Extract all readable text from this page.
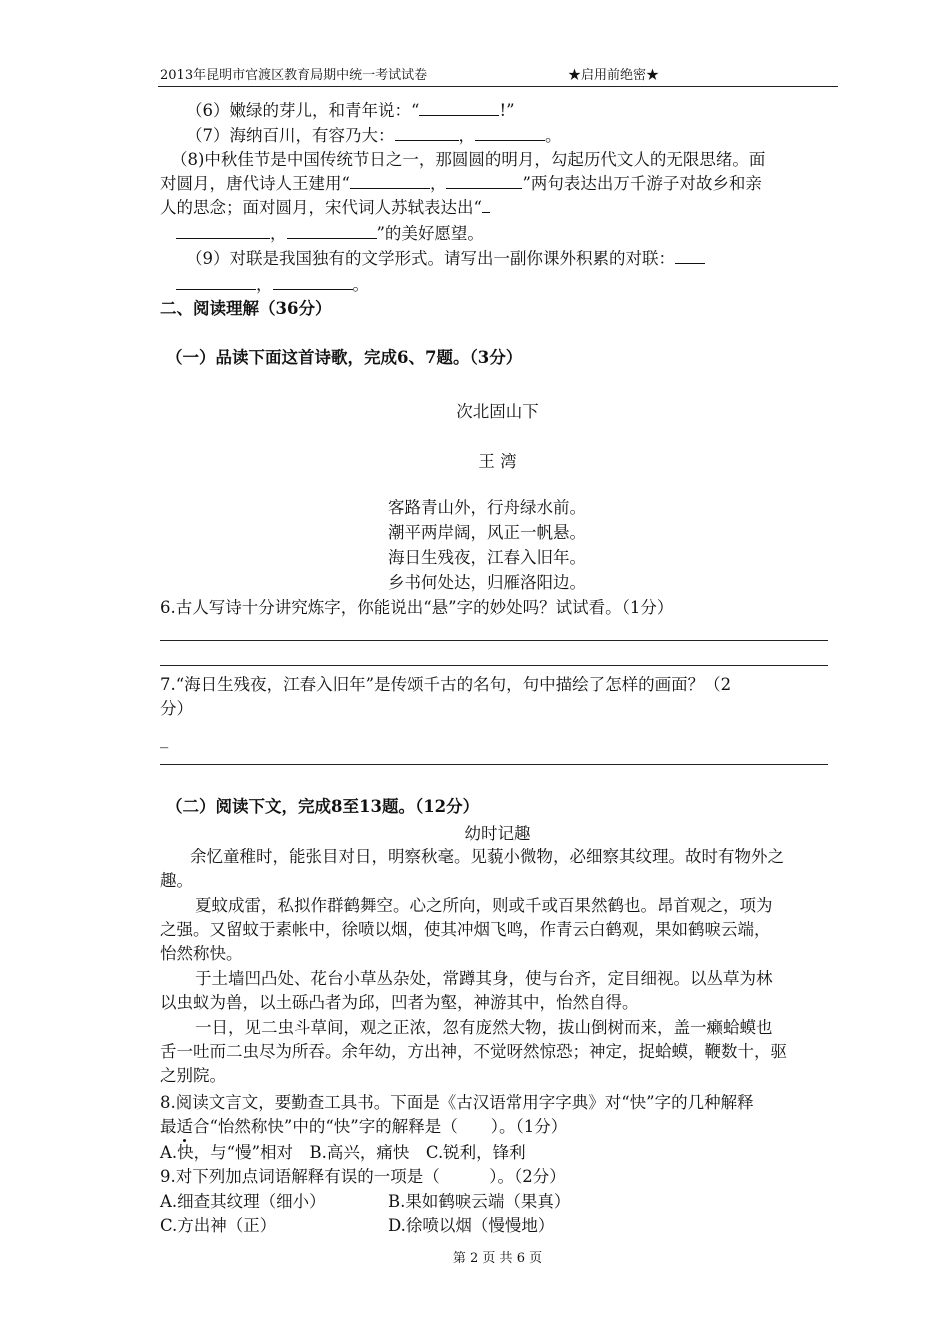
2013年昆明市官渡区教育局期中统一考试试卷	★启用前绝密★
（6）嫩绿的芽儿，和青年说：“	!”
（7）海纳百川，有容乃大：	，	。
（8)中秋佳节是中国传统节日之一，那圆圆的明月，勾起历代文人的无限思绪。面
对圆月，唐代诗人王建用“	，	”两句表达出万千游子对故乡和亲
人的思念；面对圆月，宋代词人苏轼表达出“
，	”的美好愿望。
（9）对联是我国独有的文学形式。请写出一副你课外积累的对联：
，	。
二、阅读理解（36分）
（一）品读下面这首诗歌，完成6、7题。（3分）
次北固山下
王 湾
客路青山外，行舟绿水前。
潮平两岸阔，风正一帆悬。
海日生残夜，江春入旧年。
乡书何处达，归雁洛阳边。
6.古人写诗十分讲究炼字，你能说出“悬”字的妙处吗？试试看。（1分）
7.“海日生残夜，江春入旧年”是传颂千古的名句，句中描绘了怎样的画面？（2
分）
_
（二）阅读下文，完成8至13题。（12分）
幼时记趣
余忆童稚时，能张目对日，明察秋毫。见藐小微物，必细察其纹理。故时有物外之
趣。
夏蚊成雷，私拟作群鹤舞空。心之所向，则或千或百果然鹤也。昂首观之，项为
之强。又留蚊于素帐中，徐喷以烟，使其冲烟飞鸣，作青云白鹤观，果如鹤唳云端，
怡然称快。
于土墙凹凸处、花台小草丛杂处，常蹲其身，使与台齐，定目细视。以丛草为林
以虫蚁为兽，以土砾凸者为邱，凹者为壑，神游其中，怡然自得。
一日，见二虫斗草间，观之正浓，忽有庞然大物，拔山倒树而来，盖一癞蛤蟆也
舌一吐而二虫尽为所吞。余年幼，方出神，不觉呀然惊恐；神定，捉蛤蟆，鞭数十，驱
之别院。
8.阅读文言文，要勤查工具书。下面是《古汉语常用字字典》对“快”字的几种解释
最适合“怡然称快”中的“快”字的解释是（　　）。（1分）
A.快，与“慢”相对　B.高兴，痛快　C.锐利，锋利
9.对下列加点词语解释有误的一项是（　　　）。（2分）
A.细查其纹理（细小）	B.果如鹤唳云端（果真）
C.方出神（正）	D.徐喷以烟（慢慢地）
第 2 页 共 6 页
